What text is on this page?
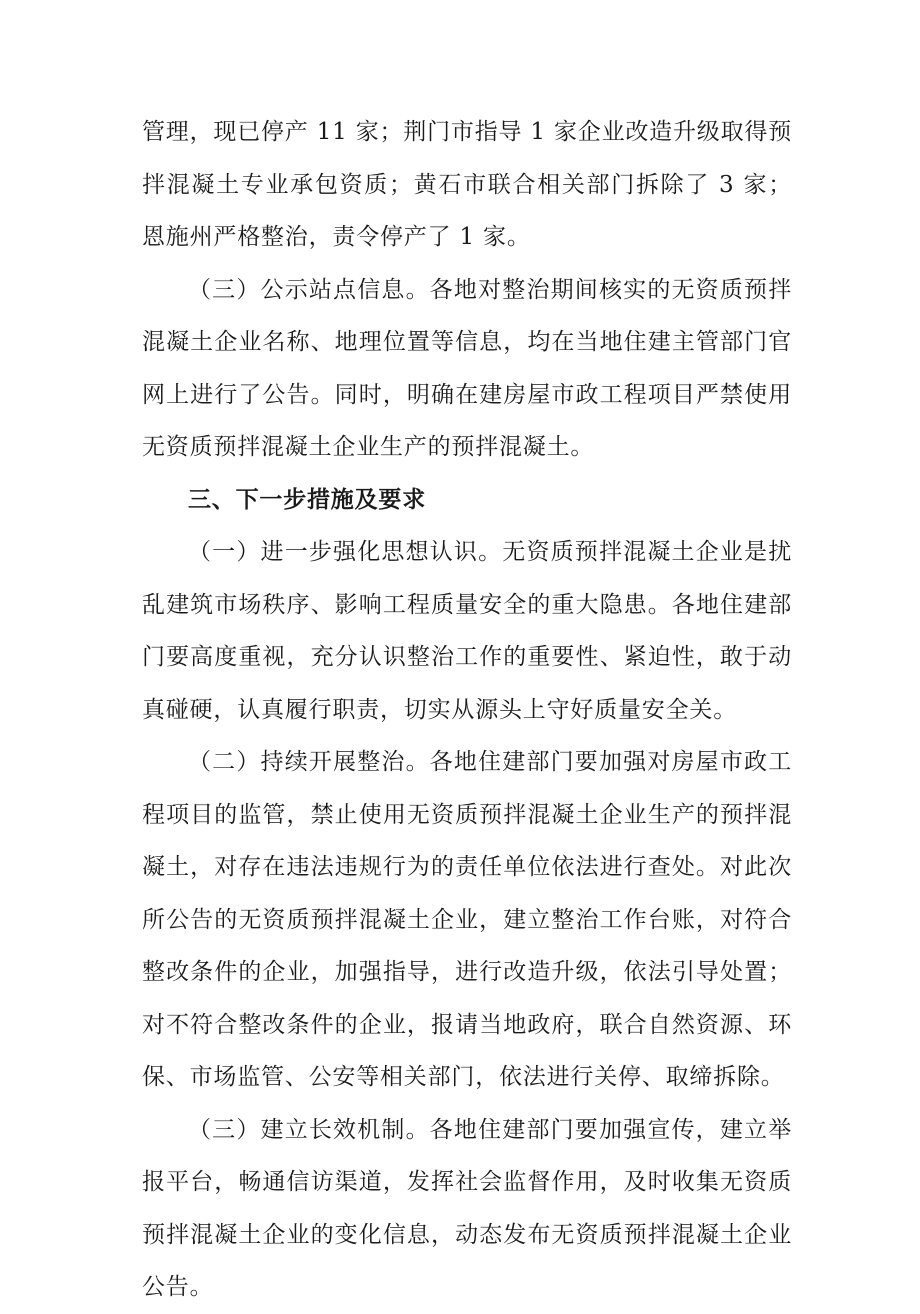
管理，现已停产 11 家；荆门市指导 1 家企业改造升级取得预拌混凝土专业承包资质；黄石市联合相关部门拆除了 3 家；恩施州严格整治，责令停产了 1 家。

（三）公示站点信息。各地对整治期间核实的无资质预拌混凝土企业名称、地理位置等信息，均在当地住建主管部门官网上进行了公告。同时，明确在建房屋市政工程项目严禁使用无资质预拌混凝土企业生产的预拌混凝土。

三、下一步措施及要求

（一）进一步强化思想认识。无资质预拌混凝土企业是扰乱建筑市场秩序、影响工程质量安全的重大隐患。各地住建部门要高度重视，充分认识整治工作的重要性、紧迫性，敢于动真碰硬，认真履行职责，切实从源头上守好质量安全关。

（二）持续开展整治。各地住建部门要加强对房屋市政工程项目的监管，禁止使用无资质预拌混凝土企业生产的预拌混凝土，对存在违法违规行为的责任单位依法进行查处。对此次所公告的无资质预拌混凝土企业，建立整治工作台账，对符合整改条件的企业，加强指导，进行改造升级，依法引导处置；对不符合整改条件的企业，报请当地政府，联合自然资源、环保、市场监管、公安等相关部门，依法进行关停、取缔拆除。

（三）建立长效机制。各地住建部门要加强宣传，建立举报平台，畅通信访渠道，发挥社会监督作用，及时收集无资质预拌混凝土企业的变化信息，动态发布无资质预拌混凝土企业公告。
